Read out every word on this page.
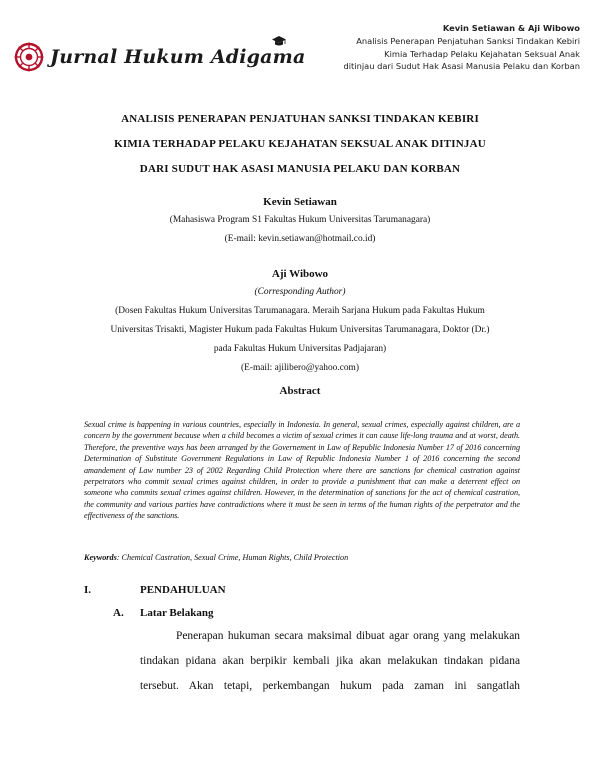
Jurnal Hukum Adigama
Kevin Setiawan & Aji Wibowo
Analisis Penerapan Penjatuhan Sanksi Tindakan Kebiri
Kimia Terhadap Pelaku Kejahatan Seksual Anak
ditinjau dari Sudut Hak Asasi Manusia Pelaku dan Korban
ANALISIS PENERAPAN PENJATUHAN SANKSI TINDAKAN KEBIRI
KIMIA TERHADAP PELAKU KEJAHATAN SEKSUAL ANAK DITINJAU
DARI SUDUT HAK ASASI MANUSIA PELAKU DAN KORBAN
Kevin Setiawan
(Mahasiswa Program S1 Fakultas Hukum Universitas Tarumanagara)
(E-mail: kevin.setiawan@hotmail.co.id)
Aji Wibowo
(Corresponding Author)
(Dosen Fakultas Hukum Universitas Tarumanagara. Meraih Sarjana Hukum pada Fakultas Hukum
Universitas Trisakti, Magister Hukum pada Fakultas Hukum Universitas Tarumanagara, Doktor (Dr.)
pada Fakultas Hukum Universitas Padjajaran)
(E-mail: ajilibero@yahoo.com)
Abstract
Sexual crime is happening in various countries, especially in Indonesia. In general, sexual crimes, especially against children, are a concern by the government because when a child becomes a victim of sexual crimes it can cause life-long trauma and at worst, death. Therefore, the preventive ways has been arranged by the Governement in Law of Republic Indonesia Number 17 of 2016 concerning Determination of Substitute Government Regulations in Law of Republic Indonesia Number 1 of 2016 concerning the second amandement of Law number 23 of 2002 Regarding Child Protection where there are sanctions for chemical castration against perpetrators who commit sexual crimes against children, in order to provide a punishment that can make a deterrent effect on someone who commits sexual crimes against children. However, in the determination of sanctions for the act of chemical castration, the community and various parties have contradictions where it must be seen in terms of the human rights of the perpetrator and the effectiveness of the sanctions.
Keywords: Chemical Castration, Sexual Crime, Human Rights, Child Protection
I.	PENDAHULUAN
A. Latar Belakang
Penerapan hukuman secara maksimal dibuat agar orang yang melakukan
tindakan pidana akan berpikir kembali jika akan melakukan tindakan pidana
tersebut. Akan tetapi, perkembangan hukum pada zaman ini sangatlah
